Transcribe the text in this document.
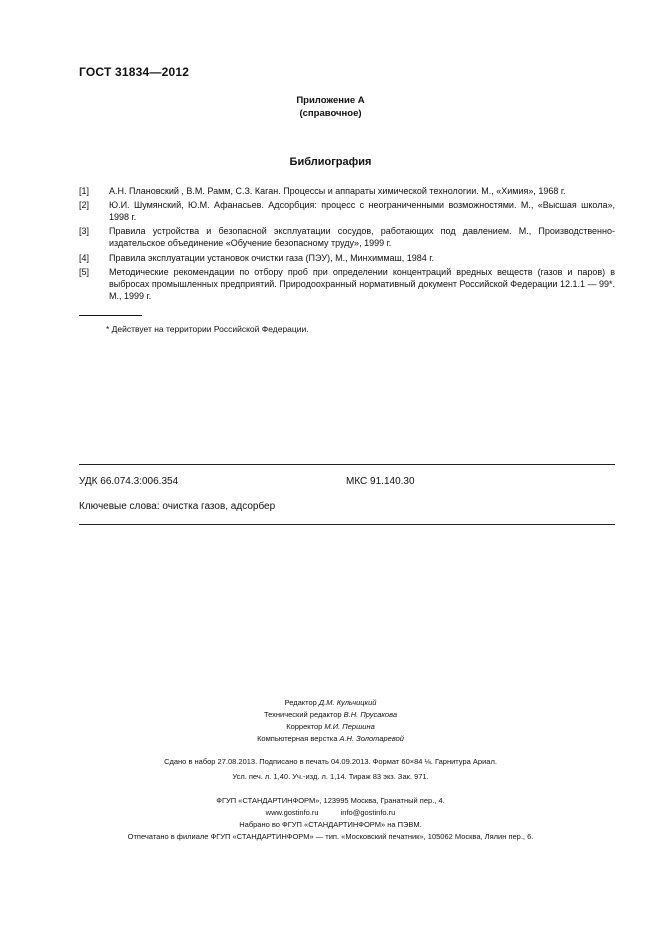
ГОСТ 31834—2012
Приложение А
(справочное)
Библиография
[1] А.Н. Плановский , В.М. Рамм, С.З. Каган. Процессы и аппараты химической технологии. М., «Химия», 1968 г.
[2] Ю.И. Шумянский, Ю.М. Афанасьев. Адсорбция: процесс с неограниченными возможностями. М., «Высшая школа», 1998 г.
[3] Правила устройства и безопасной эксплуатации сосудов, работающих под давлением. М., Производственно-издательское объединение «Обучение безопасному труду», 1999 г.
[4] Правила эксплуатации установок очистки газа (ПЭУ), М., Минхиммаш, 1984 г.
[5] Методические рекомендации по отбору проб при определении концентраций вредных веществ (газов и паров) в выбросах промышленных предприятий. Природоохранный нормативный документ Российской Федерации 12.1.1 — 99*. М., 1999 г.
* Действует на территории Российской Федерации.
УДК 66.074.3:006.354	МКС 91.140.30
Ключевые слова: очистка газов, адсорбер
Редактор Д.М. Кульчицкий
Технический редактор В.Н. Прусакова
Корректор М.И. Першина
Компьютерная верстка А.Н. Золотаревой
Сдано в набор 27.08.2013. Подписано в печать 04.09.2013. Формат 60×84 ⅛. Гарнитура Ариал.
Усл. печ. л. 1,40. Уч.-изд. л. 1,14. Тираж 83 экз. Зак. 971.
ФГУП «СТАНДАРТИНФОРМ», 123995 Москва, Гранатный пер., 4.
www.gostinfo.ru	info@gostinfo.ru
Набрано во ФГУП «СТАНДАРТИНФОРМ» на ПЭВМ.
Отпечатано в филиале ФГУП «СТАНДАРТИНФОРМ» — тип. «Московский печатник», 105062 Москва, Лялин пер., 6.
